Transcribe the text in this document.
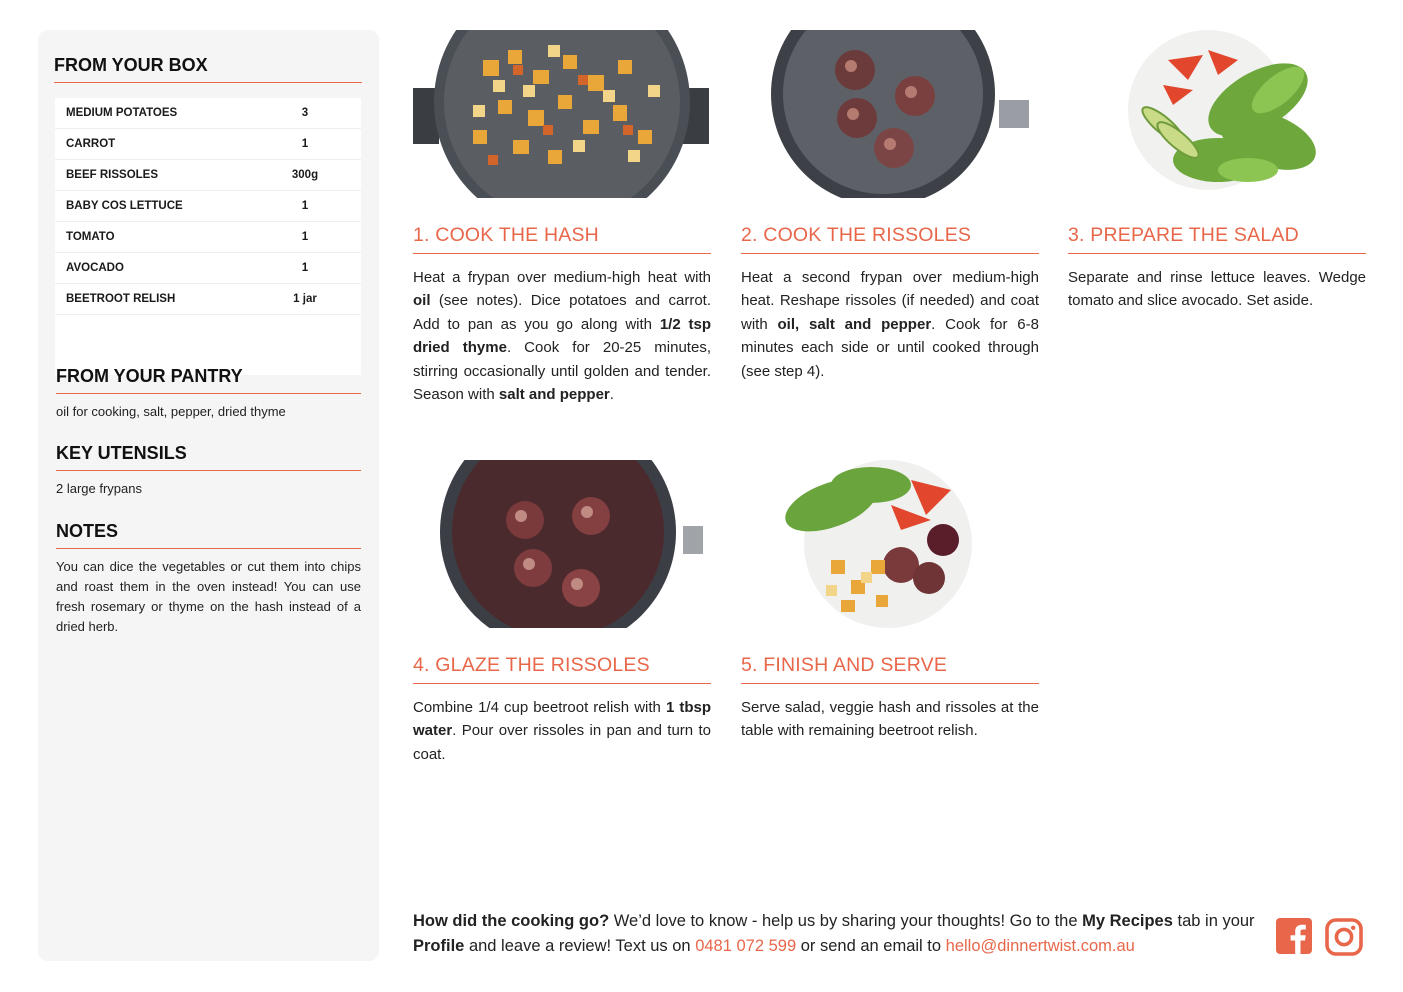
FROM YOUR BOX
MEDIUM POTATOES	3
CARROT	1
BEEF RISSOLES	300g
BABY COS LETTUCE	1
TOMATO	1
AVOCADO	1
BEETROOT RELISH	1 jar
FROM YOUR PANTRY
oil for cooking, salt, pepper, dried thyme
KEY UTENSILS
2 large frypans
NOTES
You can dice the vegetables or cut them into chips and roast them in the oven instead! You can use fresh rosemary or thyme on the hash instead of a dried herb.
1. COOK THE HASH
Heat a frypan over medium-high heat with oil (see notes). Dice potatoes and carrot. Add to pan as you go along with 1/2 tsp dried thyme. Cook for 20-25 minutes, stirring occasionally until golden and tender. Season with salt and pepper.
2. COOK THE RISSOLES
Heat a second frypan over medium-high heat. Reshape rissoles (if needed) and coat with oil, salt and pepper. Cook for 6-8 minutes each side or until cooked through (see step 4).
3. PREPARE THE SALAD
Separate and rinse lettuce leaves. Wedge tomato and slice avocado. Set aside.
4. GLAZE THE RISSOLES
Combine 1/4 cup beetroot relish with 1 tbsp water. Pour over rissoles in pan and turn to coat.
5. FINISH AND SERVE
Serve salad, veggie hash and rissoles at the table with remaining beetroot relish.
How did the cooking go? We’d love to know - help us by sharing your thoughts! Go to the My Recipes tab in your Profile and leave a review! Text us on 0481 072 599 or send an email to hello@dinnertwist.com.au
